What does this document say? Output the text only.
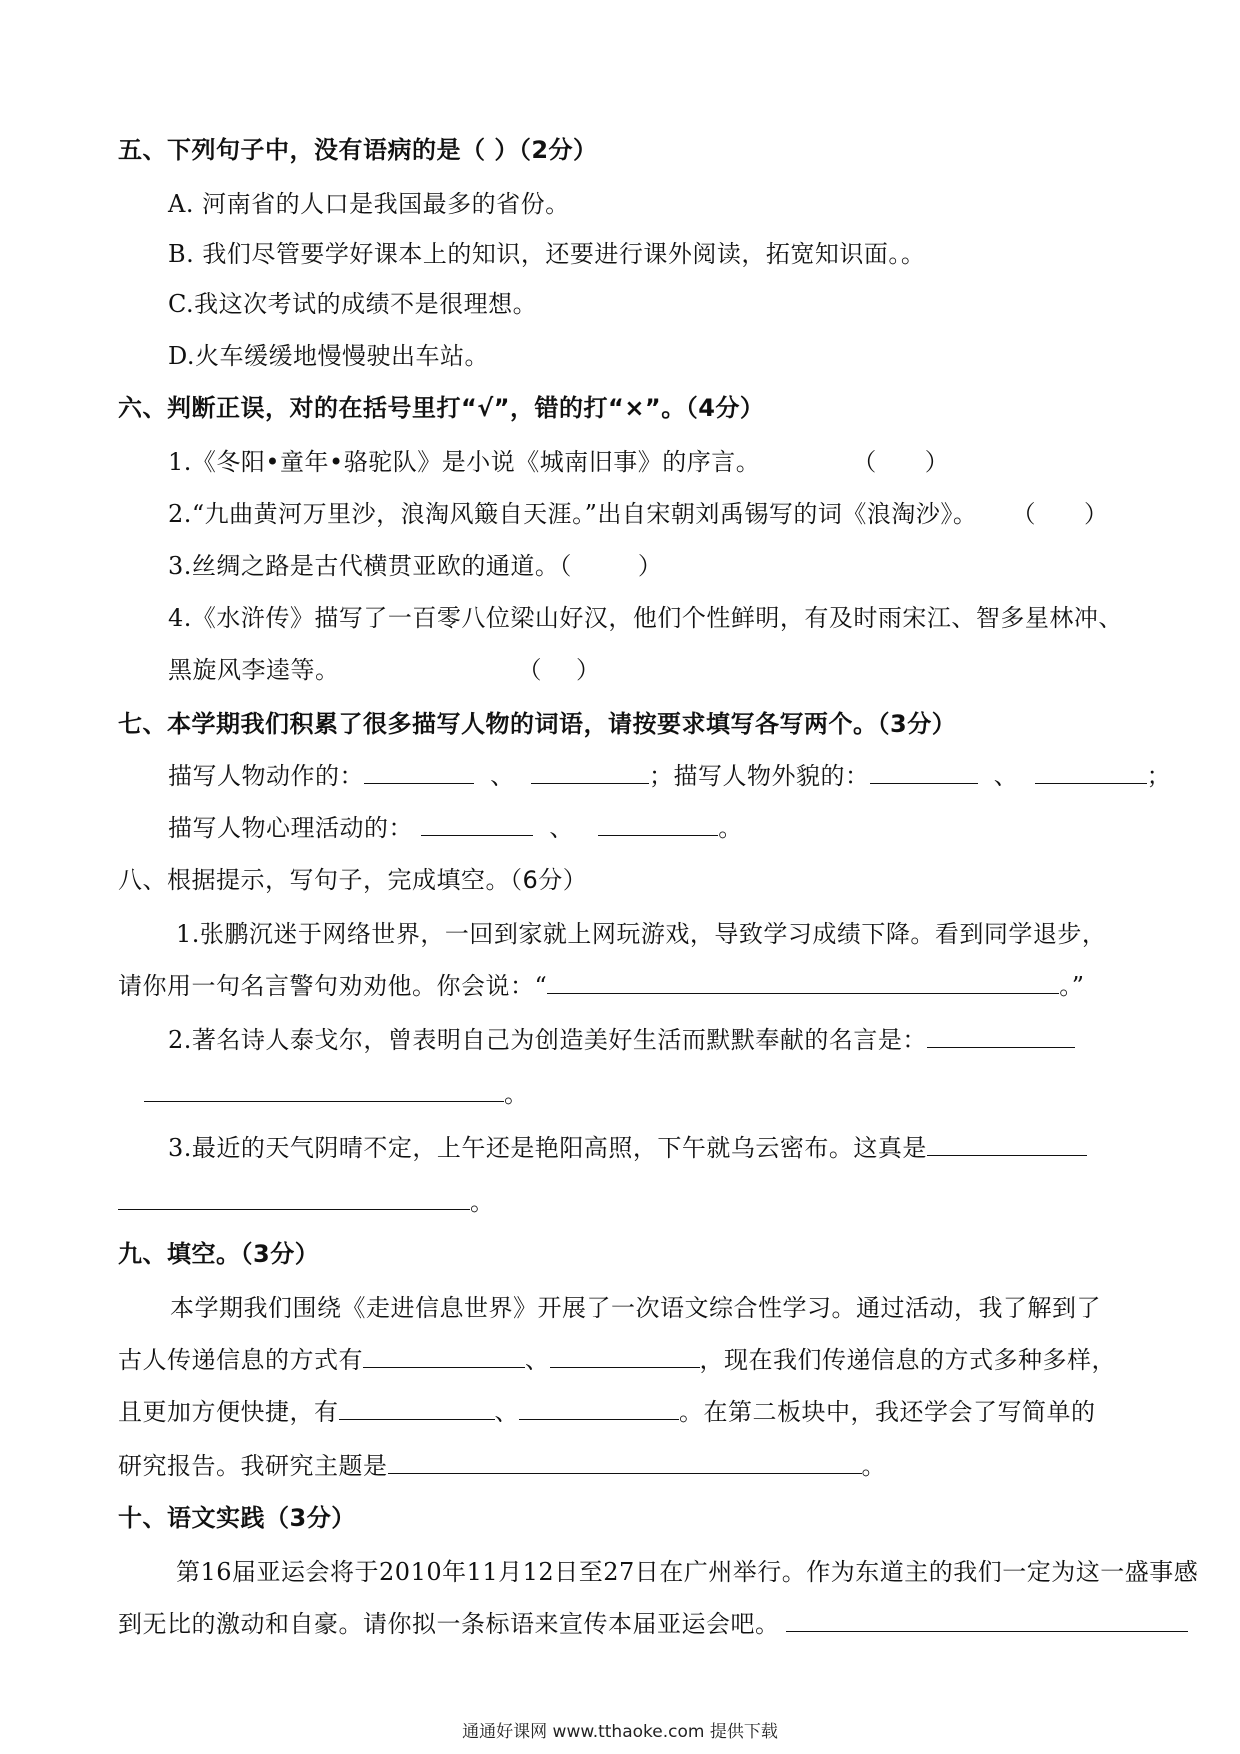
五、下列句子中，没有语病的是（ ）（2分）
A. 河南省的人口是我国最多的省份。
B. 我们尽管要学好课本上的知识，还要进行课外阅读，拓宽知识面。。
C.我这次考试的成绩不是很理想。
D.火车缓缓地慢慢驶出车站。
六、判断正误，对的在括号里打“√”，错的打“×”。（4分）
1.《冬阳•童年•骆驼队》是小说《城南旧事》的序言。	（ ）
2.“九曲黄河万里沙，浪淘风簸自天涯。”出自宋朝刘禹锡写的词《浪淘沙》。 （ ）
3.丝绸之路是古代横贯亚欧的通道。（	）
4.《水浒传》描写了一百零八位梁山好汉，他们个性鲜明，有及时雨宋江、智多星林冲、
黑旋风李逵等。	（ ）
七、本学期我们积累了很多描写人物的词语，请按要求填写各写两个。（3分）
描写人物动作的：	、	；描写人物外貌的：	、	；
描写人物心理活动的：	、	。
八、根据提示，写句子，完成填空。（6分）
1.张鹏沉迷于网络世界，一回到家就上网玩游戏，导致学习成绩下降。看到同学退步，
请你用一句名言警句劝劝他。你会说：“	。”
2.著名诗人泰戈尔，曾表明自己为创造美好生活而默默奉献的名言是：
。
3.最近的天气阴晴不定，上午还是艳阳高照，下午就乌云密布。这真是
。
九、填空。（3分）
本学期我们围绕《走进信息世界》开展了一次语文综合性学习。通过活动，我了解到了
古人传递信息的方式有	、	，现在我们传递信息的方式多种多样，
且更加方便快捷，有	、	。在第二板块中，我还学会了写简单的
研究报告。我研究主题是	。
十、语文实践（3分）
第16届亚运会将于2010年11月12日至27日在广州举行。作为东道主的我们一定为这一盛事感
到无比的激动和自豪。请你拟一条标语来宣传本届亚运会吧。
通通好课网 www.tthaoke.com 提供下载
